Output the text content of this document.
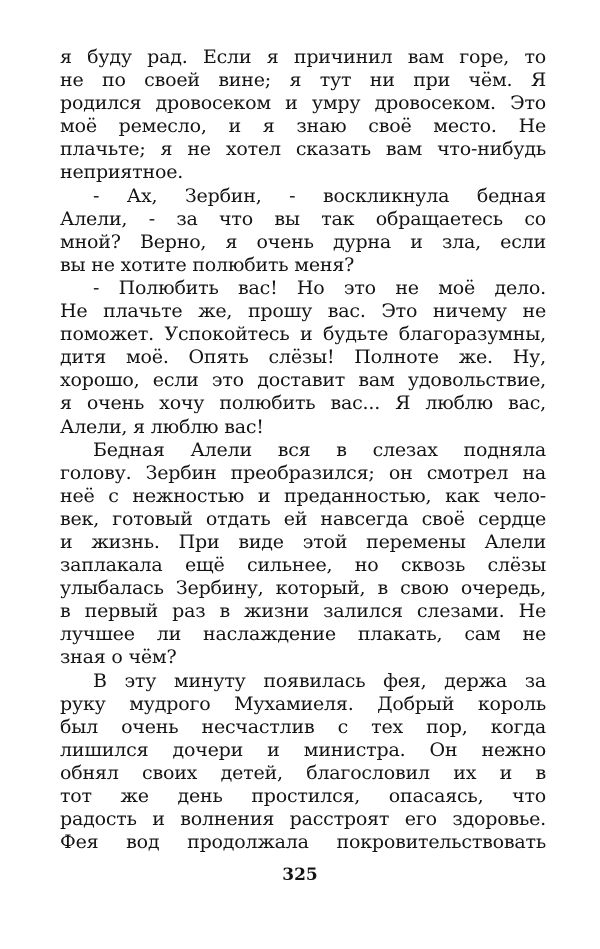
я буду рад. Если я причинил вам горе, то
не по своей вине; я тут ни при чём. Я
родился дровосеком и умру дровосеком. Это
моё ремесло, и я знаю своё место. Не
плачьте; я не хотел сказать вам что-нибудь
неприятное.
- Ах, Зербин, - воскликнула бедная
Алели, - за что вы так обращаетесь со
мной? Верно, я очень дурна и зла, если
вы не хотите полюбить меня?
- Полюбить вас! Но это не моё дело.
Не плачьте же, прошу вас. Это ничему не
поможет. Успокойтесь и будьте благоразумны,
дитя моё. Опять слёзы! Полноте же. Ну,
хорошо, если это доставит вам удовольствие,
я очень хочу полюбить вас... Я люблю вас,
Алели, я люблю вас!
Бедная Алели вся в слезах подняла
голову. Зербин преобразился; он смотрел на
неё с нежностью и преданностью, как чело-
век, готовый отдать ей навсегда своё сердце
и жизнь. При виде этой перемены Алели
заплакала ещё сильнее, но сквозь слёзы
улыбалась Зербину, который, в свою очередь,
в первый раз в жизни залился слезами. Не
лучшее ли наслаждение плакать, сам не
зная о чём?
В эту минуту появилась фея, держа за
руку мудрого Мухамиеля. Добрый король
был очень несчастлив с тех пор, когда
лишился дочери и министра. Он нежно
обнял своих детей, благословил их и в
тот же день простился, опасаясь, что
радость и волнения расстроят его здоровье.
Фея вод продолжала покровительствовать
325
